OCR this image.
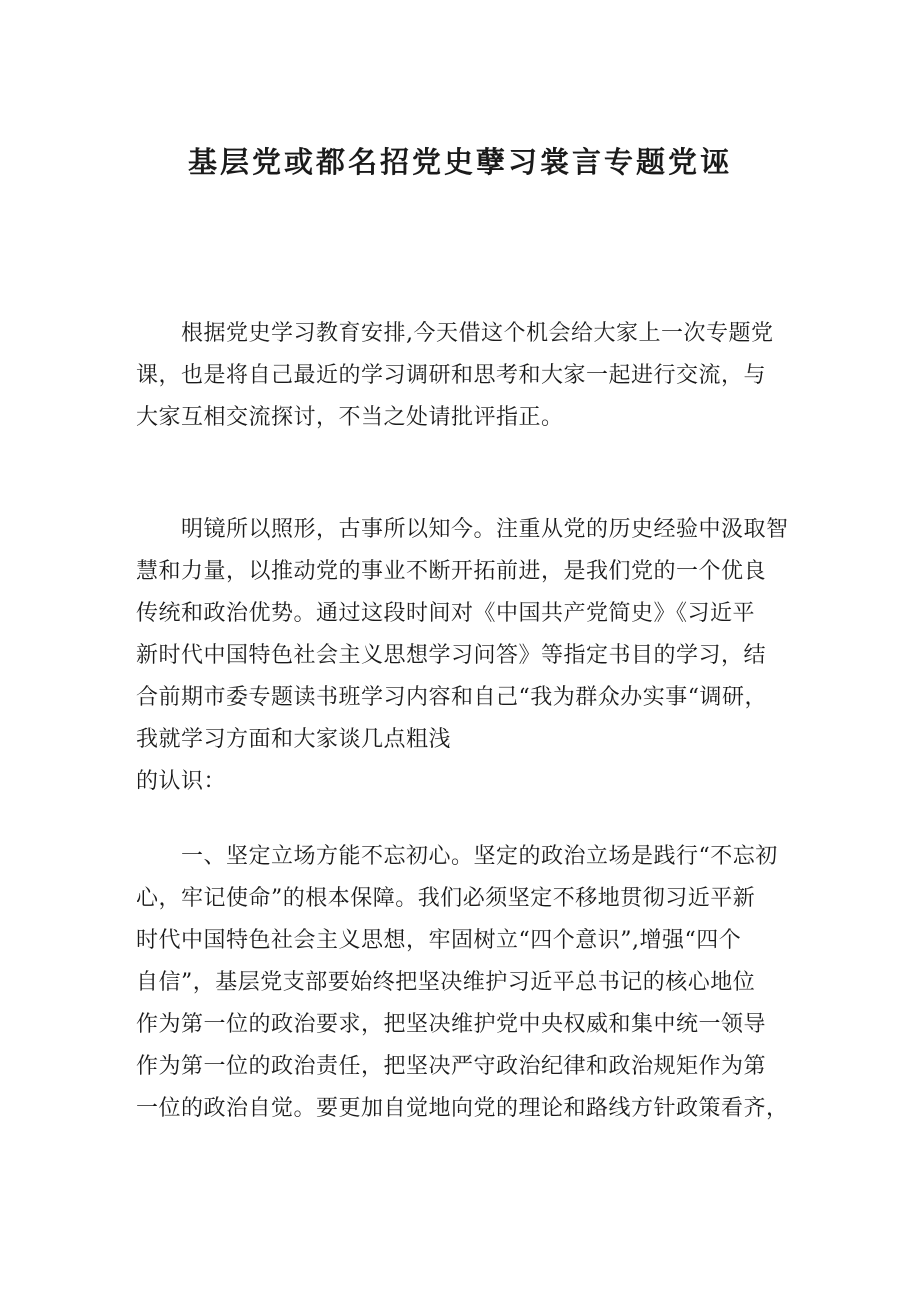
基层党或都名招党史孽习裳言专题党诬
　　根据党史学习教育安排,今天借这个机会给大家上一次专题党
课，也是将自己最近的学习调研和思考和大家一起进行交流，与
大家互相交流探讨，不当之处请批评指正。
　　明镜所以照形，古事所以知今。注重从党的历史经验中汲取智
慧和力量，以推动党的事业不断开拓前进，是我们党的一个优良
传统和政治优势。通过这段时间对《中国共产党简史》《习近平
新时代中国特色社会主义思想学习问答》等指定书目的学习，结
合前期市委专题读书班学习内容和自己“我为群众办实事“调研，
我就学习方面和大家谈几点粗浅
的认识：
　　一、坚定立场方能不忘初心。坚定的政治立场是践行“不忘初
心，牢记使命”的根本保障。我们必须坚定不移地贯彻习近平新
时代中国特色社会主义思想，牢固树立“四个意识”,增强“四个
自信”，基层党支部要始终把坚决维护习近平总书记的核心地位
作为第一位的政治要求，把坚决维护党中央权威和集中统一领导
作为第一位的政治责任，把坚决严守政治纪律和政治规矩作为第
一位的政治自觉。要更加自觉地向党的理论和路线方针政策看齐，
